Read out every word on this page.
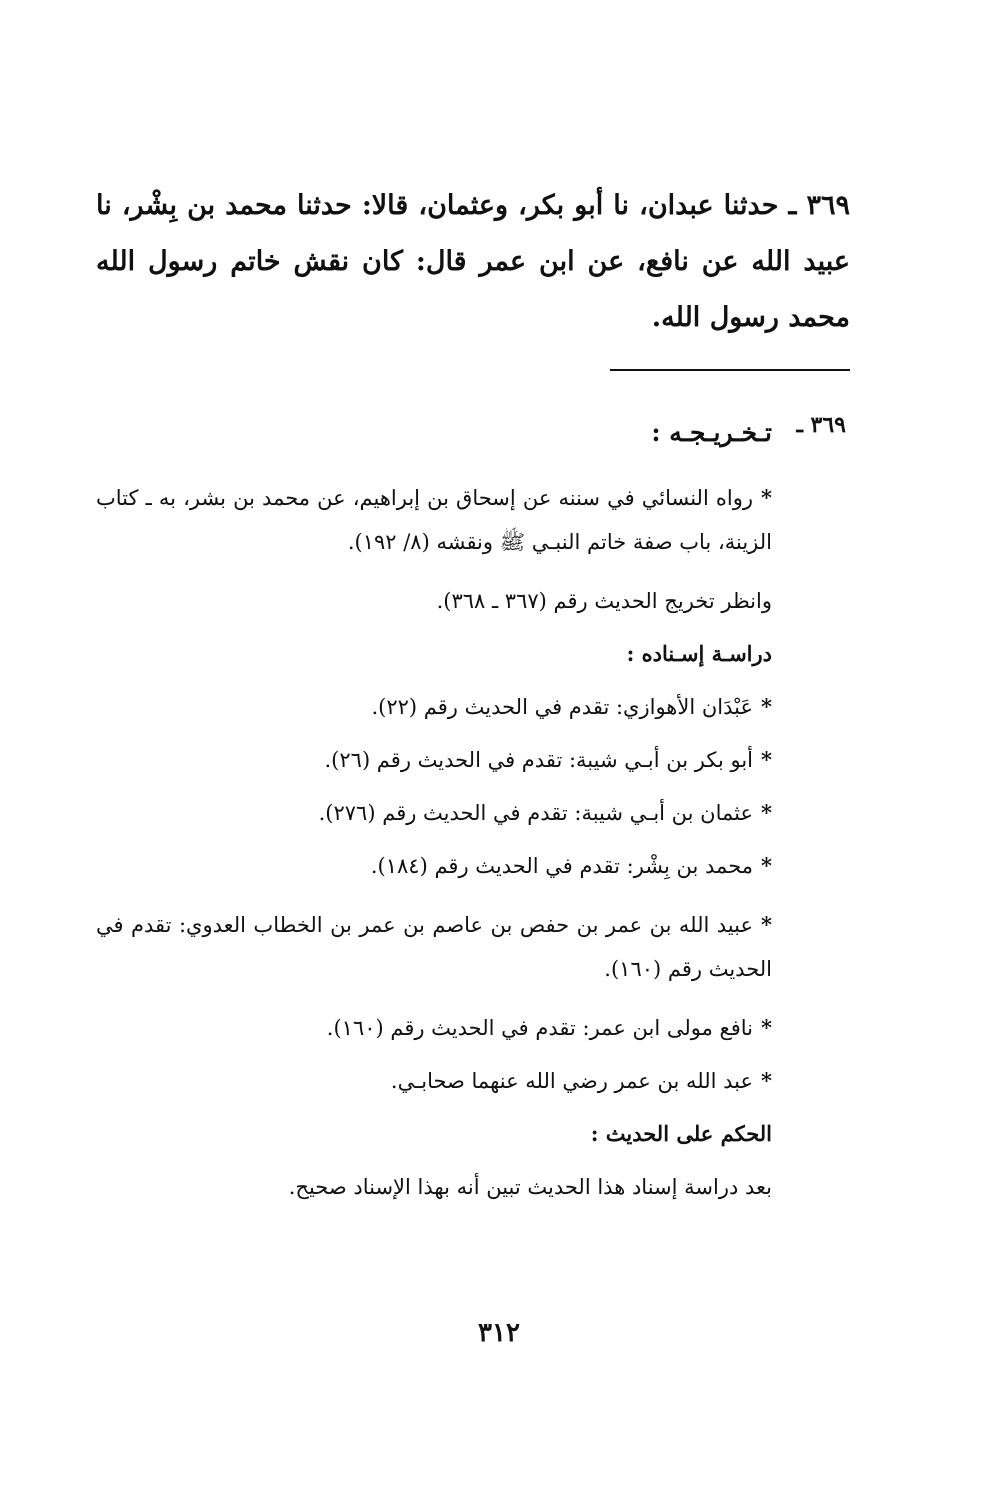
٣٦٩ ـ حدثنا عبدان، نا أبو بكر، وعثمان، قالا: حدثنا محمد بن بِشْر، نا عبيد الله عن نافع، عن ابن عمر قال: كان نقش خاتم رسول الله محمد رسول الله.
٣٦٩ ـ
تـخـريـجـه :
*رواه النسائي في سننه عن إسحاق بن إبراهيم، عن محمد بن بشر، به ـ كتاب الزينة، باب صفة خاتم النبـي ﷺ ونقشه (٨/ ١٩٢).
وانظر تخريج الحديث رقم (٣٦٧ ـ ٣٦٨).
دراسـة إسـناده :
*عَبْدَان الأهوازي: تقدم في الحديث رقم (٢٢).
*أبو بكر بن أبـي شيبة: تقدم في الحديث رقم (٢٦).
*عثمان بن أبـي شيبة: تقدم في الحديث رقم (٢٧٦).
*محمد بن بِشْر: تقدم في الحديث رقم (١٨٤).
*عبيد الله بن عمر بن حفص بن عاصم بن عمر بن الخطاب العدوي: تقدم في الحديث رقم (١٦٠).
*نافع مولى ابن عمر: تقدم في الحديث رقم (١٦٠).
*عبد الله بن عمر رضي الله عنهما صحابـي.
الحكم على الحديث :
بعد دراسة إسناد هذا الحديث تبين أنه بهذا الإسناد صحيح.
٣١٢
